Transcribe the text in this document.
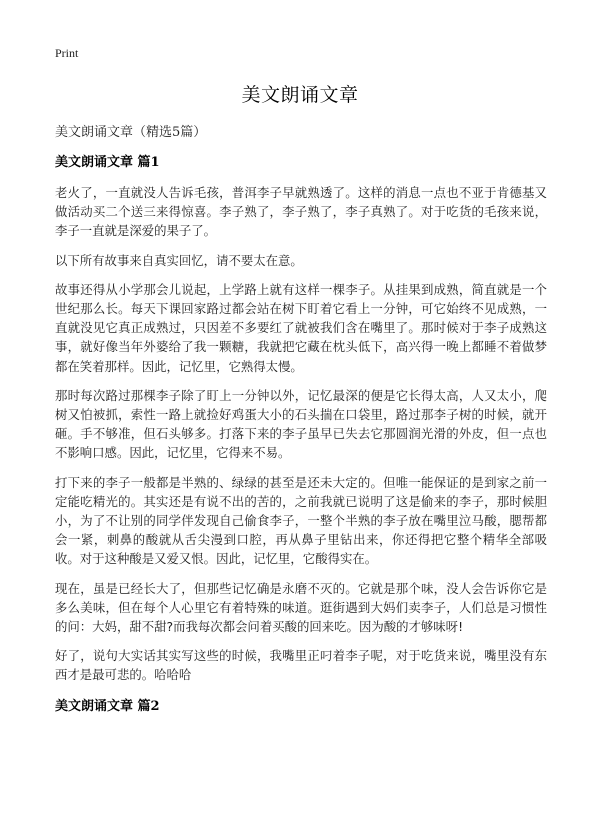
Print
美文朗诵文章
美文朗诵文章（精选5篇）
美文朗诵文章 篇1

老火了，一直就没人告诉毛孩，普洱李子早就熟透了。这样的消息一点也不亚于肯德基又做活动买二个送三来得惊喜。李子熟了，李子熟了，李子真熟了。对于吃货的毛孩来说，李子一直就是深爱的果子了。

以下所有故事来自真实回忆，请不要太在意。

故事还得从小学那会儿说起，上学路上就有这样一棵李子。从挂果到成熟，简直就是一个世纪那么长。每天下课回家路过都会站在树下盯着它看上一分钟，可它始终不见成熟，一直就没见它真正成熟过，只因差不多要红了就被我们含在嘴里了。那时候对于李子成熟这事，就好像当年外婆给了我一颗糖，我就把它藏在枕头低下，高兴得一晚上都睡不着做梦都在笑着那样。因此，记忆里，它熟得太慢。

那时每次路过那棵李子除了盯上一分钟以外，记忆最深的便是它长得太高，人又太小，爬树又怕被抓，索性一路上就捡好鸡蛋大小的石头揣在口袋里，路过那李子树的时候，就开砸。手不够准，但石头够多。打落下来的李子虽早已失去它那圆润光滑的外皮，但一点也不影响口感。因此，记忆里，它得来不易。

打下来的李子一般都是半熟的、绿绿的甚至是还未大定的。但唯一能保证的是到家之前一定能吃精光的。其实还是有说不出的苦的，之前我就已说明了这是偷来的李子，那时候胆小，为了不让别的同学伴发现自己偷食李子，一整个半熟的李子放在嘴里泣马酸，腮帮都会一紧，刺鼻的酸就从舌尖漫到口腔，再从鼻子里钻出来，你还得把它整个精华全部吸收。对于这种酸是又爱又恨。因此，记忆里，它酸得实在。

现在，虽是已经长大了，但那些记忆确是永磨不灭的。它就是那个味，没人会告诉你它是多么美味，但在每个人心里它有着特殊的味道。逛街遇到大妈们卖李子，人们总是习惯性的问：大妈，甜不甜?而我每次都会问着买酸的回来吃。因为酸的才够味呀!

好了，说句大实话其实写这些的时候，我嘴里正叼着李子呢，对于吃货来说，嘴里没有东西才是最可悲的。哈哈哈

美文朗诵文章 篇2
